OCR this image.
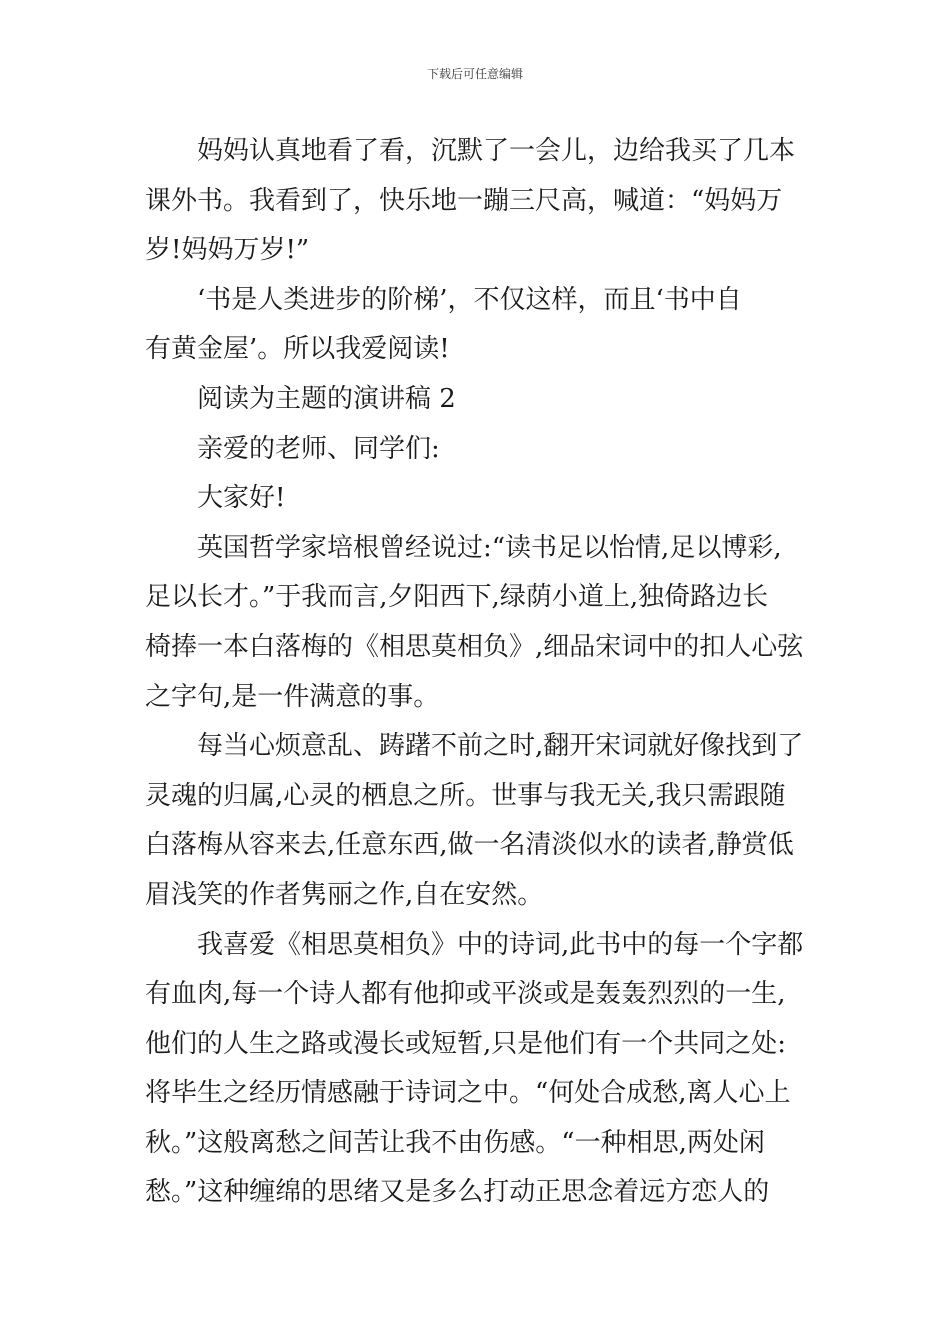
下载后可任意编辑

妈妈认真地看了看，沉默了一会儿，边给我买了几本
课外书。我看到了，快乐地一蹦三尺高，喊道：“妈妈万
岁!妈妈万岁!”

‘书是人类进步的阶梯’，不仅这样，而且‘书中自
有黄金屋’。所以我爱阅读!

阅读为主题的演讲稿 2

亲爱的老师、同学们:

大家好!

英国哲学家培根曾经说过:“读书足以怡情,足以博彩,
足以长才。”于我而言,夕阳西下,绿荫小道上,独倚路边长
椅捧一本白落梅的《相思莫相负》,细品宋词中的扣人心弦
之字句,是一件满意的事。

每当心烦意乱、踌躇不前之时,翻开宋词就好像找到了
灵魂的归属,心灵的栖息之所。世事与我无关,我只需跟随
白落梅从容来去,任意东西,做一名清淡似水的读者,静赏低
眉浅笑的作者隽丽之作,自在安然。

我喜爱《相思莫相负》中的诗词,此书中的每一个字都
有血肉,每一个诗人都有他抑或平淡或是轰轰烈烈的一生,
他们的人生之路或漫长或短暂,只是他们有一个共同之处:
将毕生之经历情感融于诗词之中。“何处合成愁,离人心上
秋。”这般离愁之间苦让我不由伤感。“一种相思,两处闲
愁。”这种缠绵的思绪又是多么打动正思念着远方恋人的
